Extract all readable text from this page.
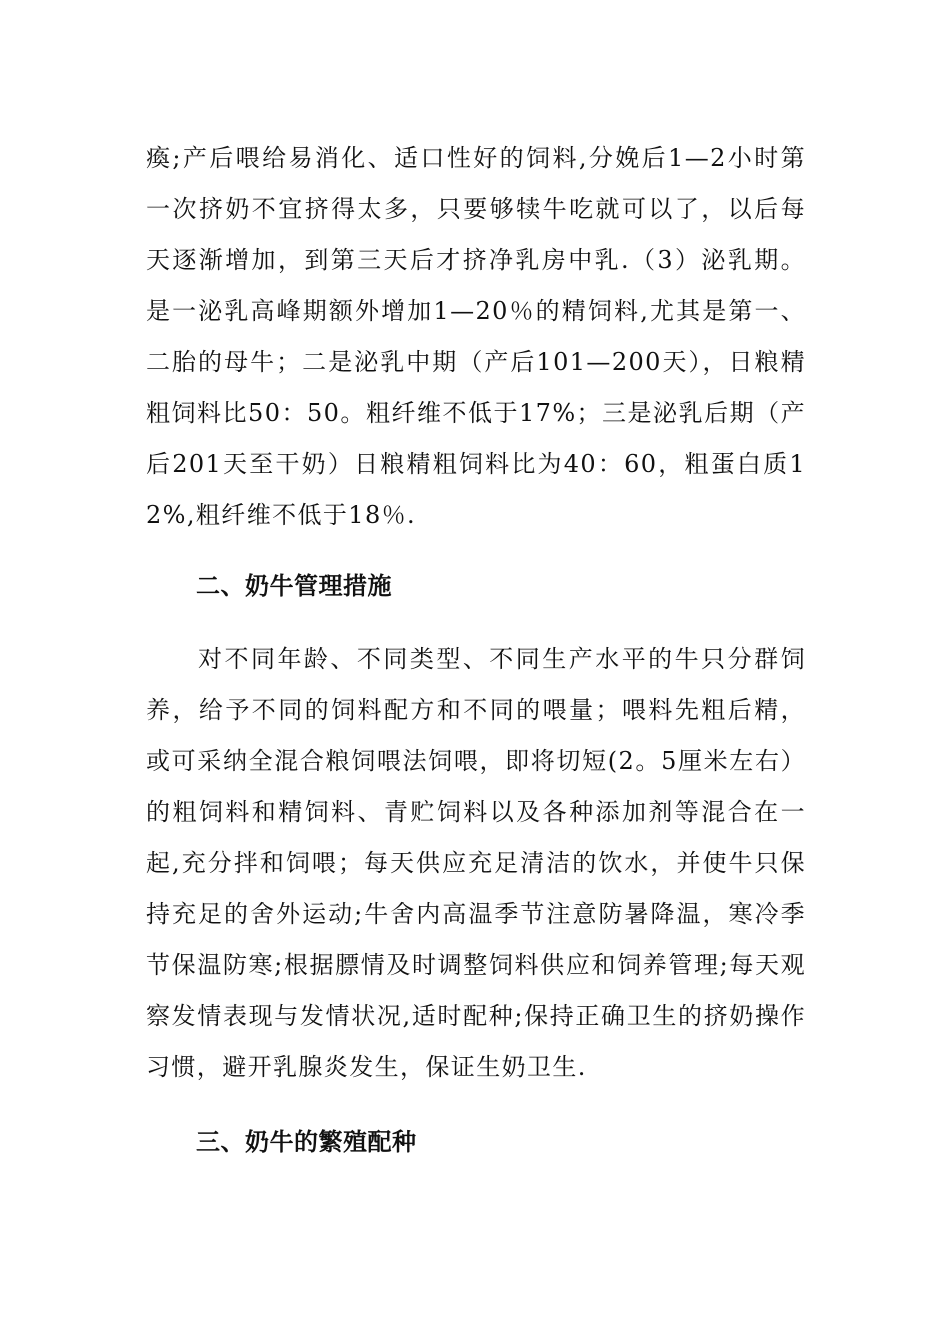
瘓;产后喂给易消化、适口性好的饲料,分娩后1—2小时第一次挤奶不宜挤得太多，只要够犊牛吃就可以了，以后每天逐渐增加，到第三天后才挤净乳房中乳.（3）泌乳期。是一泌乳高峰期额外增加1—20％的精饲料,尤其是第一、二胎的母牛；二是泌乳中期（产后101—200天），日粮精粗饲料比50：50。粗纤维不低于17%；三是泌乳后期（产后201天至干奶）日粮精粗饲料比为40：60，粗蛋白质12%,粗纤维不低于18％.

二、奶牛管理措施

对不同年龄、不同类型、不同生产水平的牛只分群饲养，给予不同的饲料配方和不同的喂量；喂料先粗后精，或可采纳全混合粮饲喂法饲喂，即将切短(2。5厘米左右）的粗饲料和精饲料、青贮饲料以及各种添加剂等混合在一起,充分拌和饲喂；每天供应充足清洁的饮水，并使牛只保持充足的舍外运动;牛舍内高温季节注意防暑降温，寒冷季节保温防寒;根据膘情及时调整饲料供应和饲养管理;每天观察发情表现与发情状况,适时配种;保持正确卫生的挤奶操作习惯，避开乳腺炎发生，保证生奶卫生.

三、奶牛的繁殖配种
